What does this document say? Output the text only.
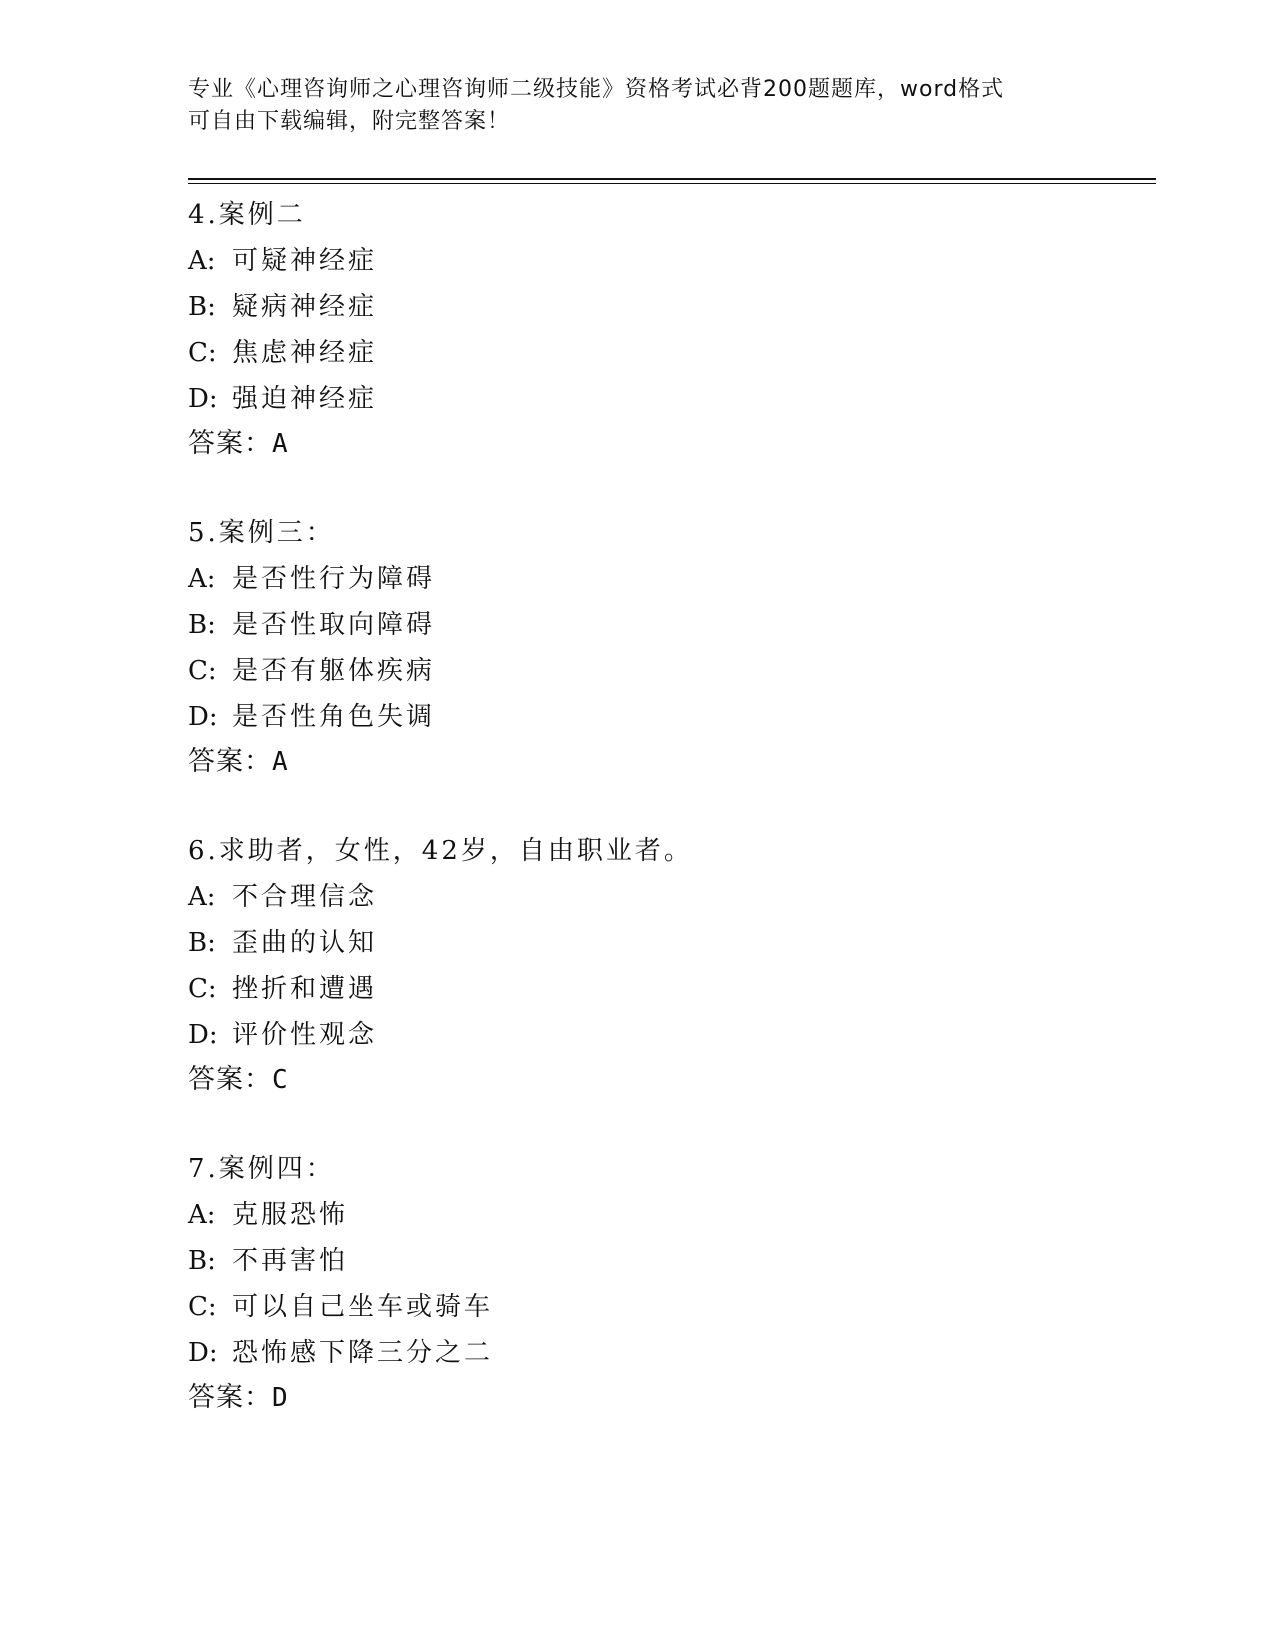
专业《心理咨询师之心理咨询师二级技能》资格考试必背200题题库，word格式
可自由下载编辑，附完整答案！
4.案例二
A: 可疑神经症
B: 疑病神经症
C: 焦虑神经症
D: 强迫神经症
答案：A
5.案例三：
A: 是否性行为障碍
B: 是否性取向障碍
C: 是否有躯体疾病
D: 是否性角色失调
答案：A
6.求助者，女性，42岁，自由职业者。
A: 不合理信念
B: 歪曲的认知
C: 挫折和遭遇
D: 评价性观念
答案：C
7.案例四：
A: 克服恐怖
B: 不再害怕
C: 可以自己坐车或骑车
D: 恐怖感下降三分之二
答案：D
